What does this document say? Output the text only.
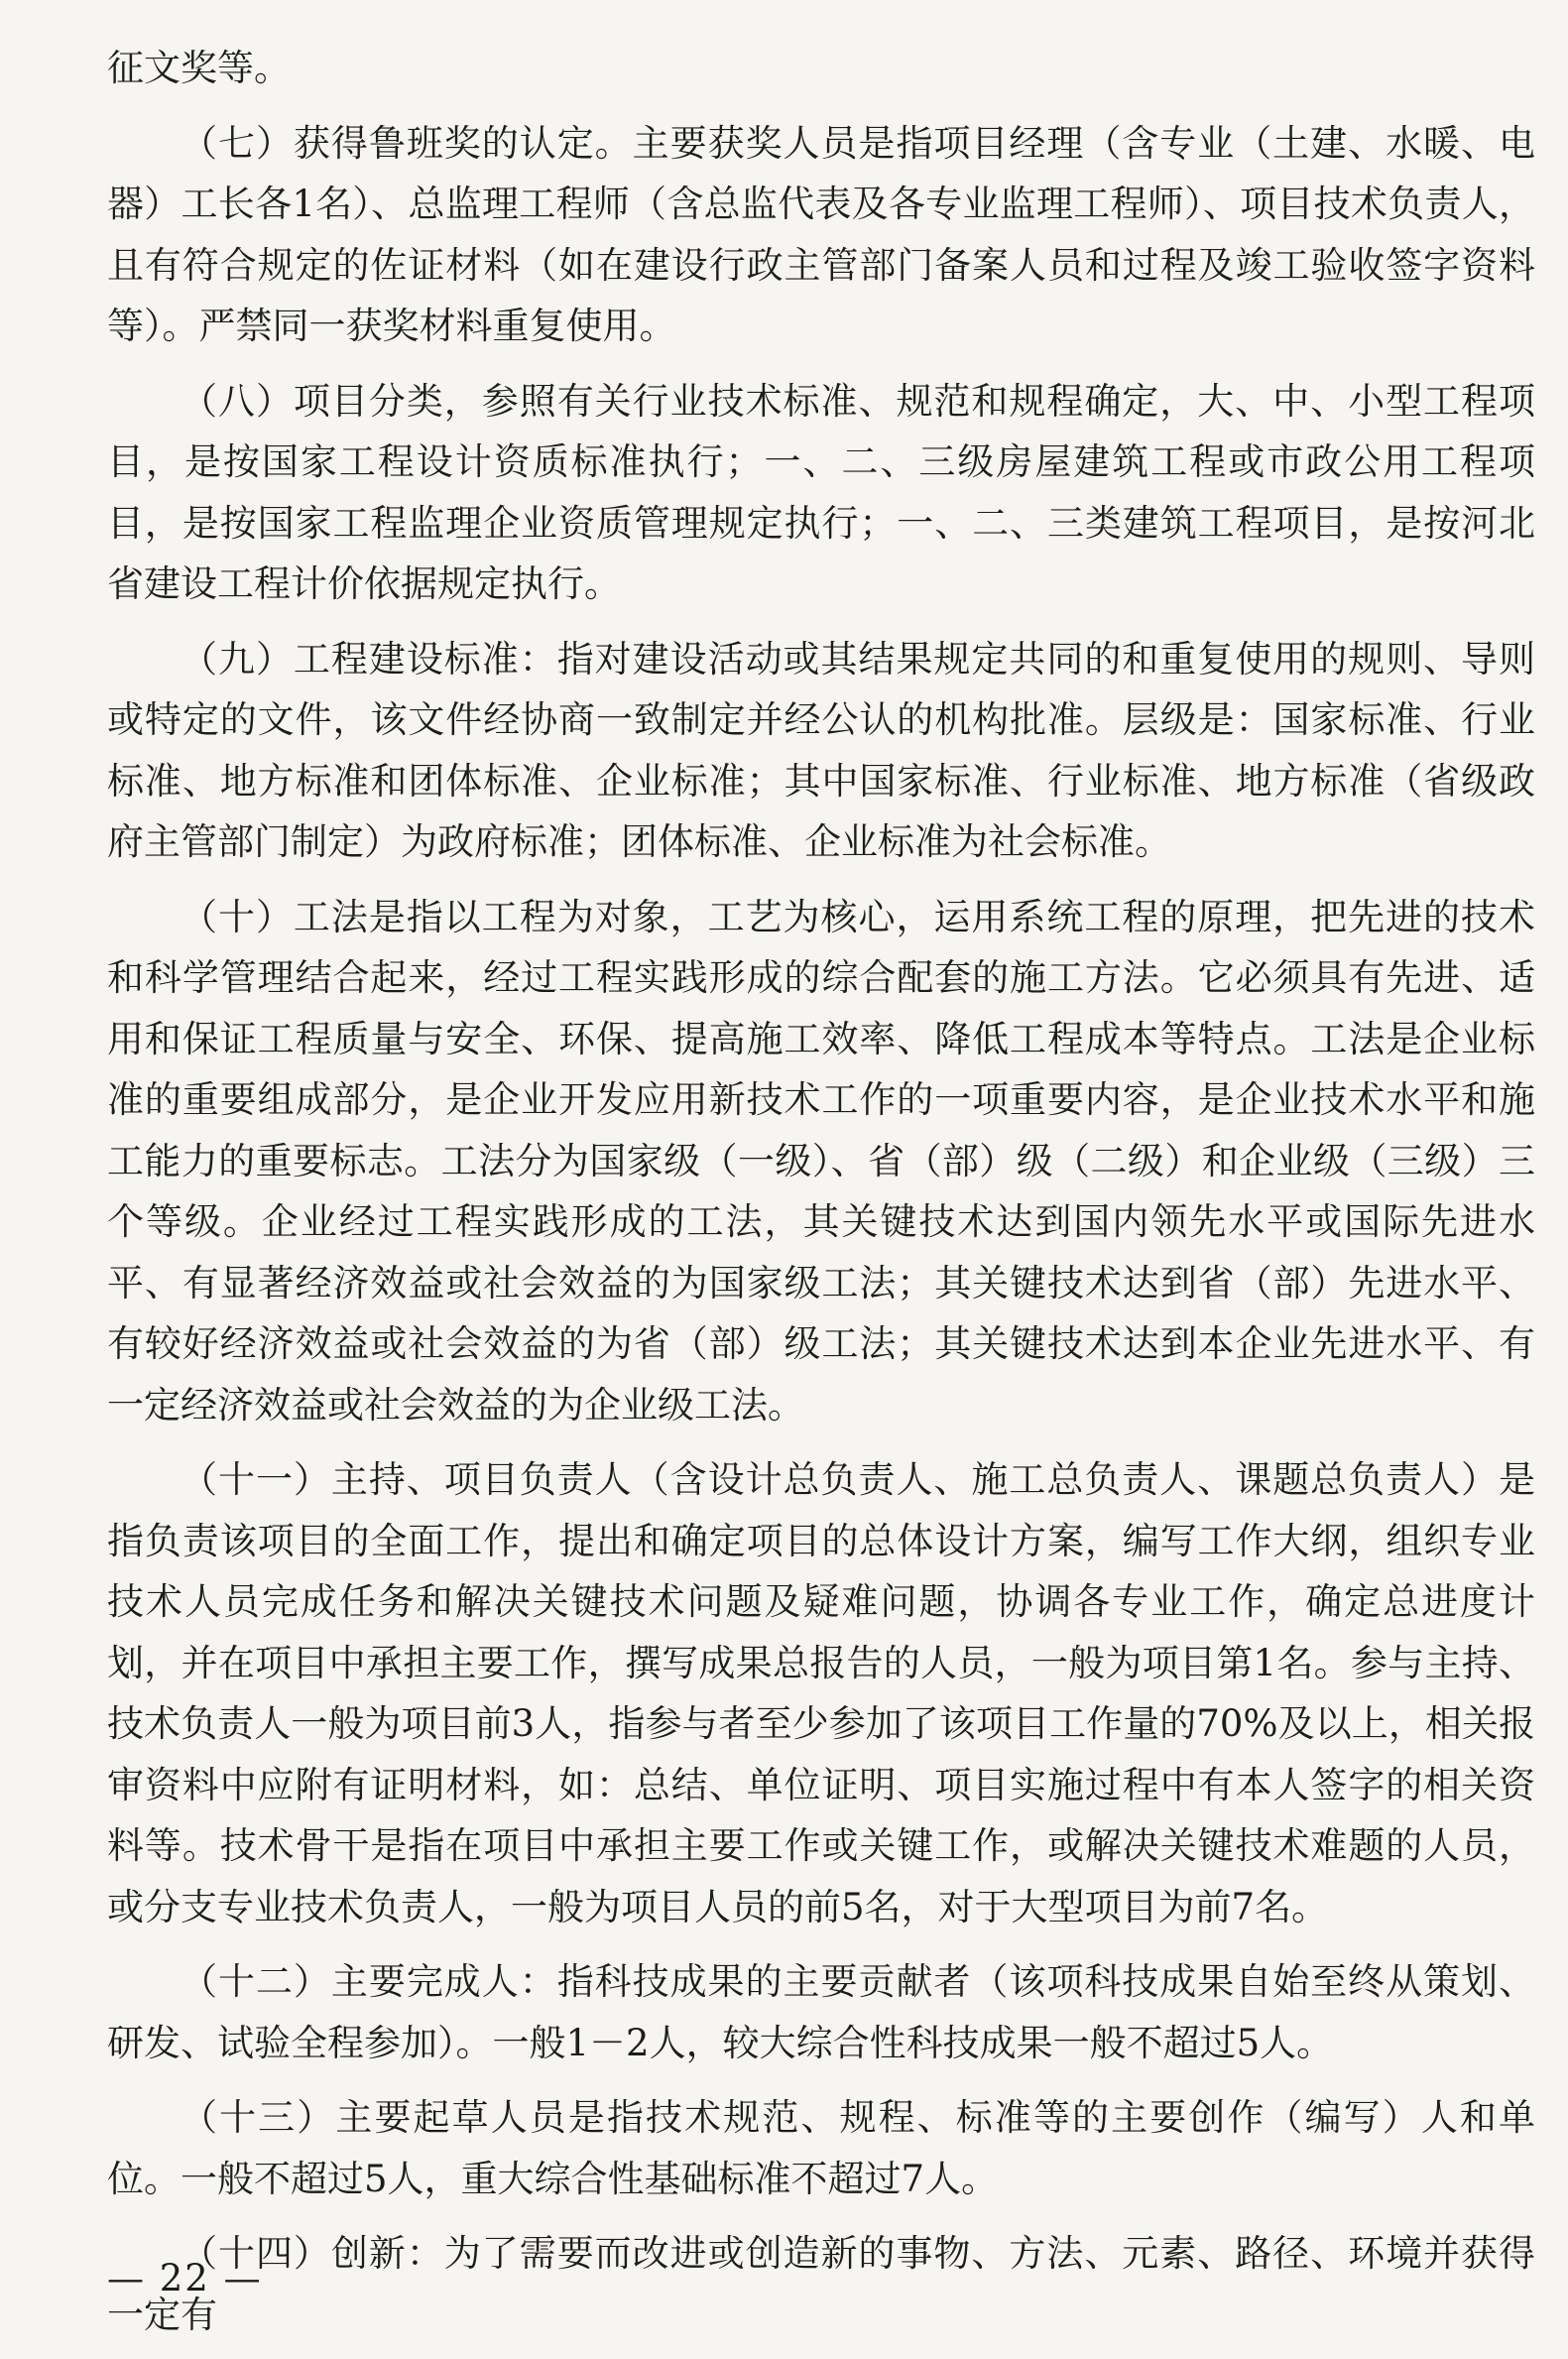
征文奖等。

（七）获得鲁班奖的认定。主要获奖人员是指项目经理（含专业（土建、水暖、电器）工长各1名）、总监理工程师（含总监代表及各专业监理工程师）、项目技术负责人，且有符合规定的佐证材料（如在建设行政主管部门备案人员和过程及竣工验收签字资料等）。严禁同一获奖材料重复使用。

（八）项目分类，参照有关行业技术标准、规范和规程确定，大、中、小型工程项目，是按国家工程设计资质标准执行；一、二、三级房屋建筑工程或市政公用工程项目，是按国家工程监理企业资质管理规定执行；一、二、三类建筑工程项目，是按河北省建设工程计价依据规定执行。

（九）工程建设标准：指对建设活动或其结果规定共同的和重复使用的规则、导则或特定的文件，该文件经协商一致制定并经公认的机构批准。层级是：国家标准、行业标准、地方标准和团体标准、企业标准；其中国家标准、行业标准、地方标准（省级政府主管部门制定）为政府标准；团体标准、企业标准为社会标准。

（十）工法是指以工程为对象，工艺为核心，运用系统工程的原理，把先进的技术和科学管理结合起来，经过工程实践形成的综合配套的施工方法。它必须具有先进、适用和保证工程质量与安全、环保、提高施工效率、降低工程成本等特点。工法是企业标准的重要组成部分，是企业开发应用新技术工作的一项重要内容，是企业技术水平和施工能力的重要标志。工法分为国家级（一级）、省（部）级（二级）和企业级（三级）三个等级。企业经过工程实践形成的工法，其关键技术达到国内领先水平或国际先进水平、有显著经济效益或社会效益的为国家级工法；其关键技术达到省（部）先进水平、有较好经济效益或社会效益的为省（部）级工法；其关键技术达到本企业先进水平、有一定经济效益或社会效益的为企业级工法。

（十一）主持、项目负责人（含设计总负责人、施工总负责人、课题总负责人）是指负责该项目的全面工作，提出和确定项目的总体设计方案，编写工作大纲，组织专业技术人员完成任务和解决关键技术问题及疑难问题，协调各专业工作，确定总进度计划，并在项目中承担主要工作，撰写成果总报告的人员，一般为项目第1名。参与主持、技术负责人一般为项目前3人，指参与者至少参加了该项目工作量的70%及以上，相关报审资料中应附有证明材料，如：总结、单位证明、项目实施过程中有本人签字的相关资料等。技术骨干是指在项目中承担主要工作或关键工作，或解决关键技术难题的人员，或分支专业技术负责人，一般为项目人员的前5名，对于大型项目为前7名。

（十二）主要完成人：指科技成果的主要贡献者（该项科技成果自始至终从策划、研发、试验全程参加）。一般1－2人，较大综合性科技成果一般不超过5人。

（十三）主要起草人员是指技术规范、规程、标准等的主要创作（编写）人和单位。一般不超过5人，重大综合性基础标准不超过7人。

（十四）创新：为了需要而改进或创造新的事物、方法、元素、路径、环境并获得一定有

— 22 —
